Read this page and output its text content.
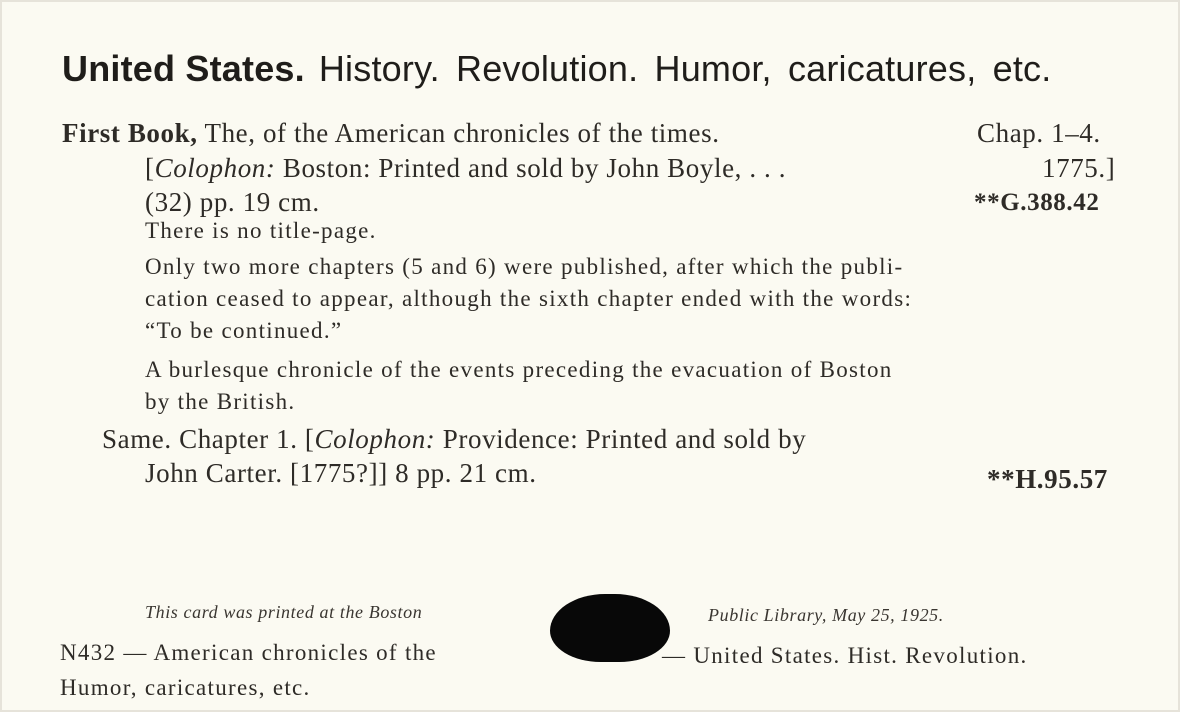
United States. History. Revolution. Humor, caricatures, etc.
First Book, The, of the American chronicles of the times.	Chap. 1–4.
[Colophon: Boston: Printed and sold by John Boyle, . . .	1775.]
(32) pp. 19 cm.	**G.388.42
There is no title-page.
Only two more chapters (5 and 6) were published, after which the publi-
cation ceased to appear, although the sixth chapter ended with the words:
“To be continued.”
A burlesque chronicle of the events preceding the evacuation of Boston
by the British.
Same. Chapter 1. [Colophon: Providence: Printed and sold by
John Carter. [1775?]] 8 pp. 21 cm.	**H.95.57
This card was printed at the Boston	Public Library, May 25, 1925.
N432 — American chronicles of the	— United States. Hist. Revolution.
Humor, caricatures, etc.
